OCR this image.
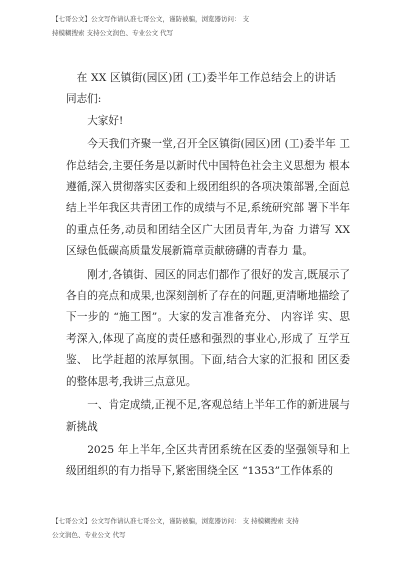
【七哥公文】公文写作请认准七哥公文，谨防被骗，浏览器访问： 支
持模糊搜索 支持公文润色、专业公文 代写

在 XX 区镇街(园区)团 (工)委半年工作总结会上的讲话

同志们:

大家好!

今天我们齐聚一堂,召开全区镇街(园区)团 (工)委半年 工作总结会,主要任务是以新时代中国特色社会主义思想为 根本遵循,深入贯彻落实区委和上级团组织的各项决策部署,全面总结上半年我区共青团工作的成绩与不足,系统研究部 署下半年的重点任务,动员和团结全区广大团员青年,为奋 力谱写 XX 区绿色低碳高质量发展新篇章贡献磅礴的青春力 量。

刚才,各镇街、园区的同志们都作了很好的发言,既展示了各自的亮点和成果,也深刻剖析了存在的问题,更清晰地描绘了下一步的 “施工图”。大家的发言准备充分、 内容详 实、思考深入,体现了高度的责任感和强烈的事业心,形成了 互学互鉴、 比学赶超的浓厚氛围。下面,结合大家的汇报和 团区委的整体思考,我讲三点意见。

一、肯定成绩,正视不足,客观总结上半年工作的新进展与新挑战

2025 年上半年,全区共青团系统在区委的坚强领导和上 级团组织的有力指导下,紧密围绕全区 “1353”工作体系的

【七哥公文】公文写作请认准七哥公文，谨防被骗，浏览器访问： 支 持模糊搜索 支持
公文润色、专业公文 代写
